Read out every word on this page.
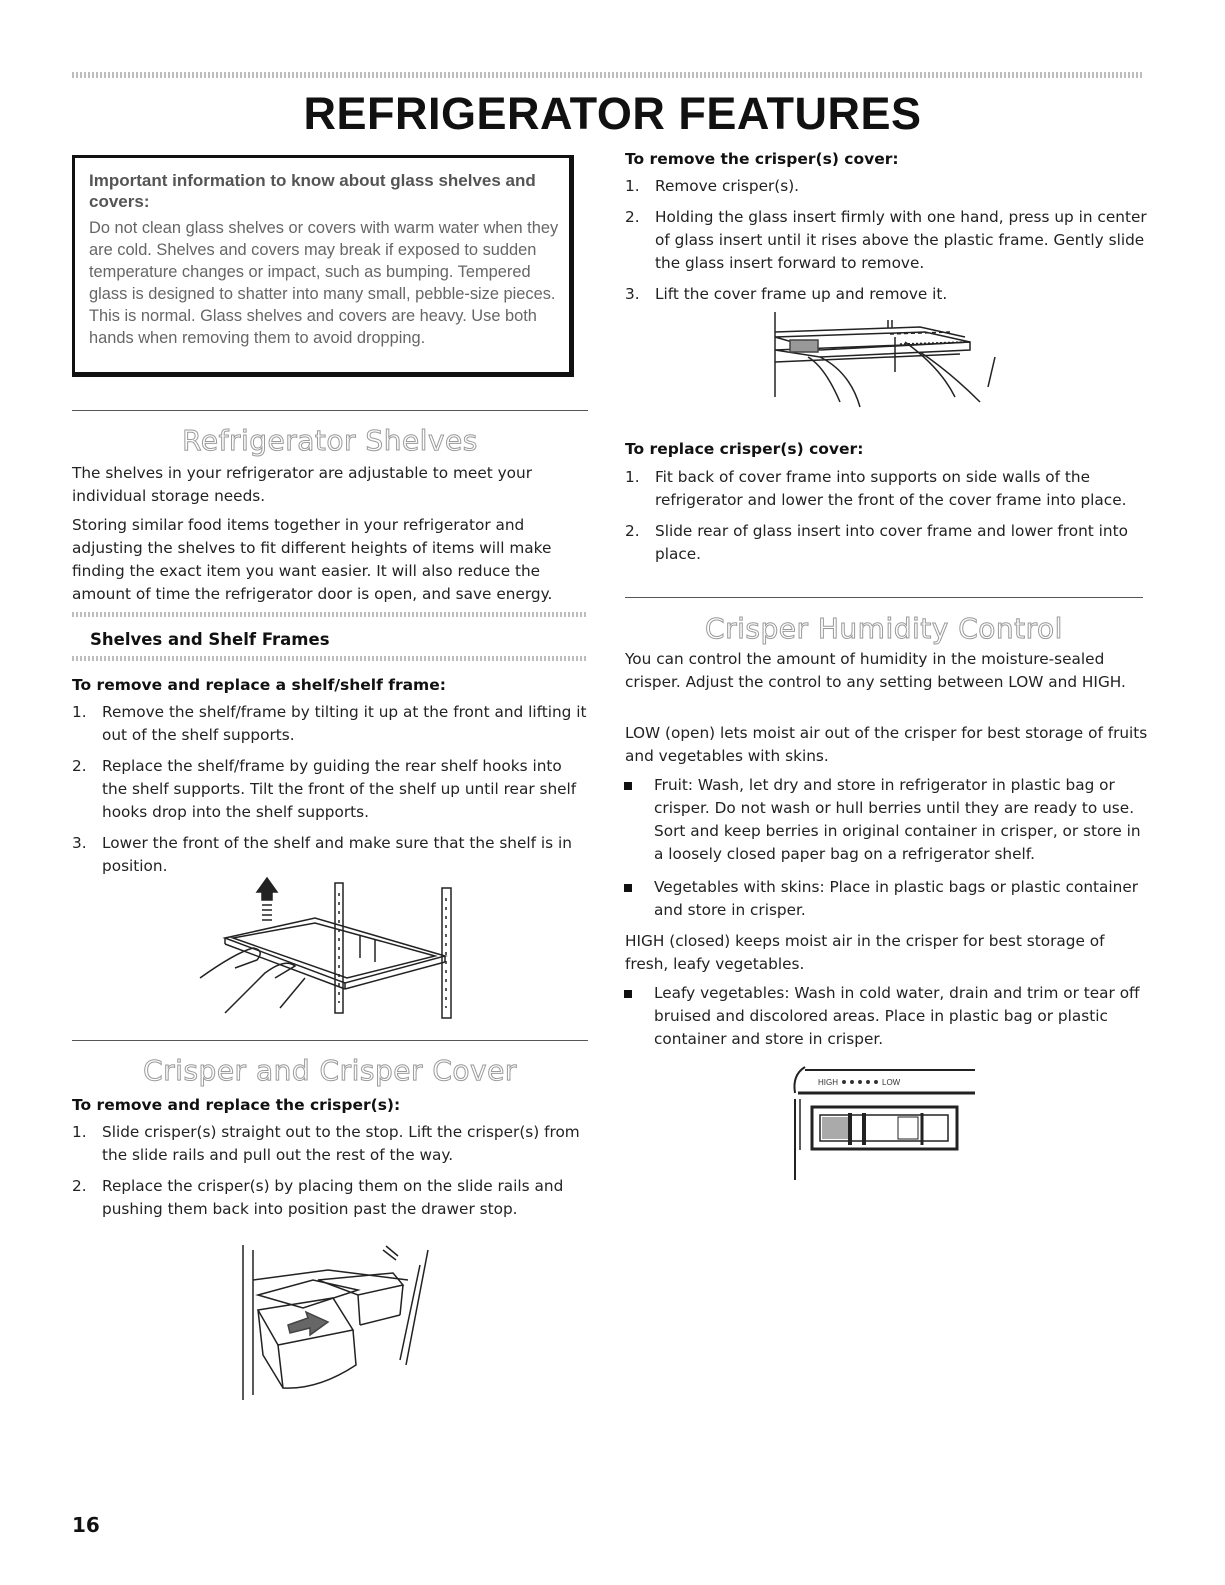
REFRIGERATOR FEATURES

Important information to know about glass shelves and covers:

Do not clean glass shelves or covers with warm water when they are cold. Shelves and covers may break if exposed to sudden temperature changes or impact, such as bumping. Tempered glass is designed to shatter into many small, pebble-size pieces. This is normal. Glass shelves and covers are heavy. Use both hands when removing them to avoid dropping.

Refrigerator Shelves

The shelves in your refrigerator are adjustable to meet your individual storage needs.

Storing similar food items together in your refrigerator and adjusting the shelves to fit different heights of items will make finding the exact item you want easier. It will also reduce the amount of time the refrigerator door is open, and save energy.

Shelves and Shelf Frames

To remove and replace a shelf/shelf frame:

1. Remove the shelf/frame by tilting it up at the front and lifting it out of the shelf supports.
2. Replace the shelf/frame by guiding the rear shelf hooks into the shelf supports. Tilt the front of the shelf up until rear shelf hooks drop into the shelf supports.
3. Lower the front of the shelf and make sure that the shelf is in position.
Crisper and Crisper Cover

To remove and replace the crisper(s):

1. Slide crisper(s) straight out to the stop. Lift the crisper(s) from the slide rails and pull out the rest of the way.
2. Replace the crisper(s) by placing them on the slide rails and pushing them back into position past the drawer stop.

To remove the crisper(s) cover:

1. Remove crisper(s).
2. Holding the glass insert firmly with one hand, press up in center of glass insert until it rises above the plastic frame. Gently slide the glass insert forward to remove.
3. Lift the cover frame up and remove it.

To replace crisper(s) cover:

1. Fit back of cover frame into supports on side walls of the refrigerator and lower the front of the cover frame into place.
2. Slide rear of glass insert into cover frame and lower front into place.
Crisper Humidity Control

You can control the amount of humidity in the moisture-sealed crisper. Adjust the control to any setting between LOW and HIGH.

LOW (open) lets moist air out of the crisper for best storage of fruits and vegetables with skins.

Fruit: Wash, let dry and store in refrigerator in plastic bag or crisper. Do not wash or hull berries until they are ready to use. Sort and keep berries in original container in crisper, or store in a loosely closed paper bag on a refrigerator shelf.
Vegetables with skins: Place in plastic bags or plastic container and store in crisper.

HIGH (closed) keeps moist air in the crisper for best storage of fresh, leafy vegetables.

Leafy vegetables: Wash in cold water, drain and trim or tear off bruised and discolored areas. Place in plastic bag or plastic container and store in crisper.
HIGH	LOW
16
